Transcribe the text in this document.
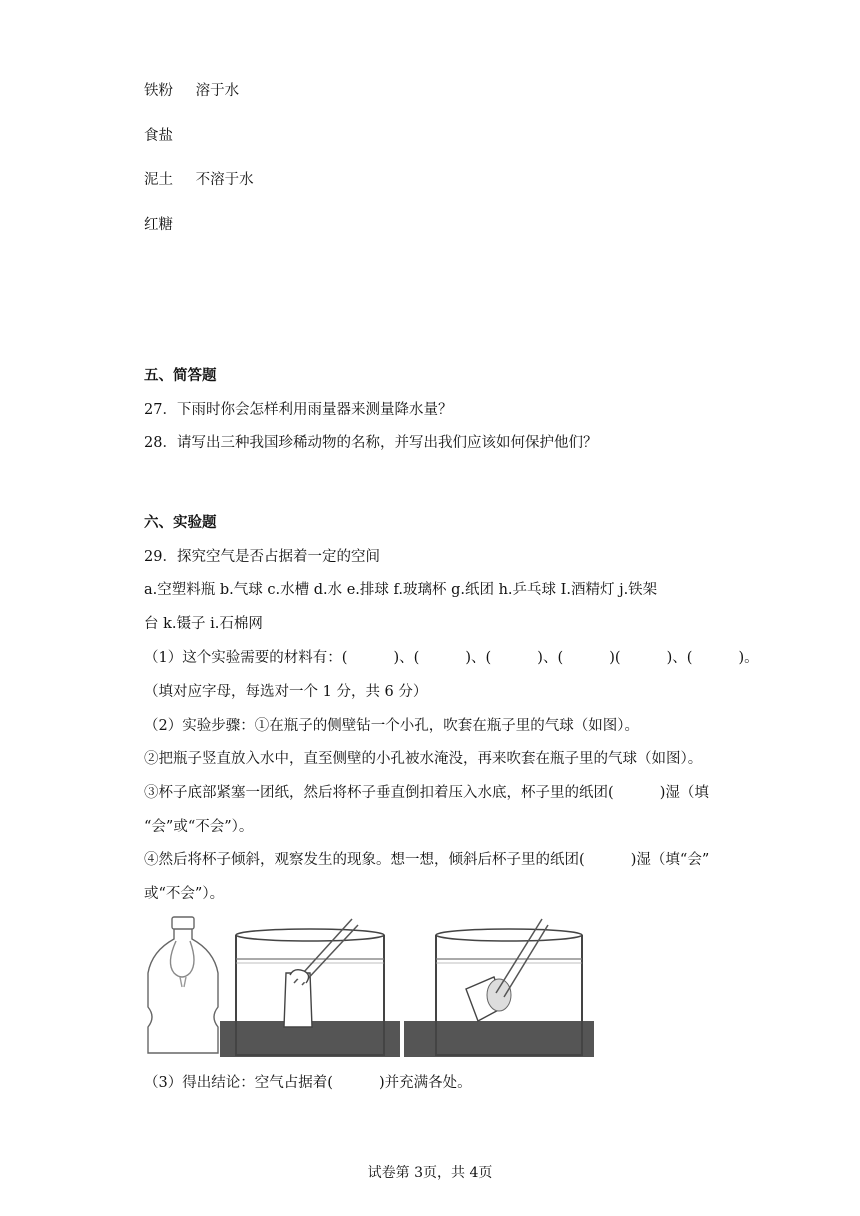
铁粉 溶于水
食盐
泥土 不溶于水
红糖
五、简答题
27．下雨时你会怎样利用雨量器来测量降水量？
28．请写出三种我国珍稀动物的名称，并写出我们应该如何保护他们？
六、实验题
29．探究空气是否占据着一定的空间
a.空塑料瓶 b.气球 c.水槽 d.水 e.排球 f.玻璃杯 g.纸团 h.乒乓球 I.酒精灯 j.铁架
台 k.镊子 i.石棉网
（1）这个实验需要的材料有：(          )、(          )、(          )、(          )(          )、(          )。
（填对应字母，每选对一个 1 分，共 6 分）
（2）实验步骤：①在瓶子的侧壁钻一个小孔，吹套在瓶子里的气球（如图）。
②把瓶子竖直放入水中，直至侧壁的小孔被水淹没，再来吹套在瓶子里的气球（如图）。
③杯子底部紧塞一团纸，然后将杯子垂直倒扣着压入水底，杯子里的纸团(          )湿（填
“会”或“不会”）。
④然后将杯子倾斜，观察发生的现象。想一想，倾斜后杯子里的纸团(          )湿（填“会”
或“不会”）。
（3）得出结论：空气占据着(          )并充满各处。
试卷第 3页，共 4页
